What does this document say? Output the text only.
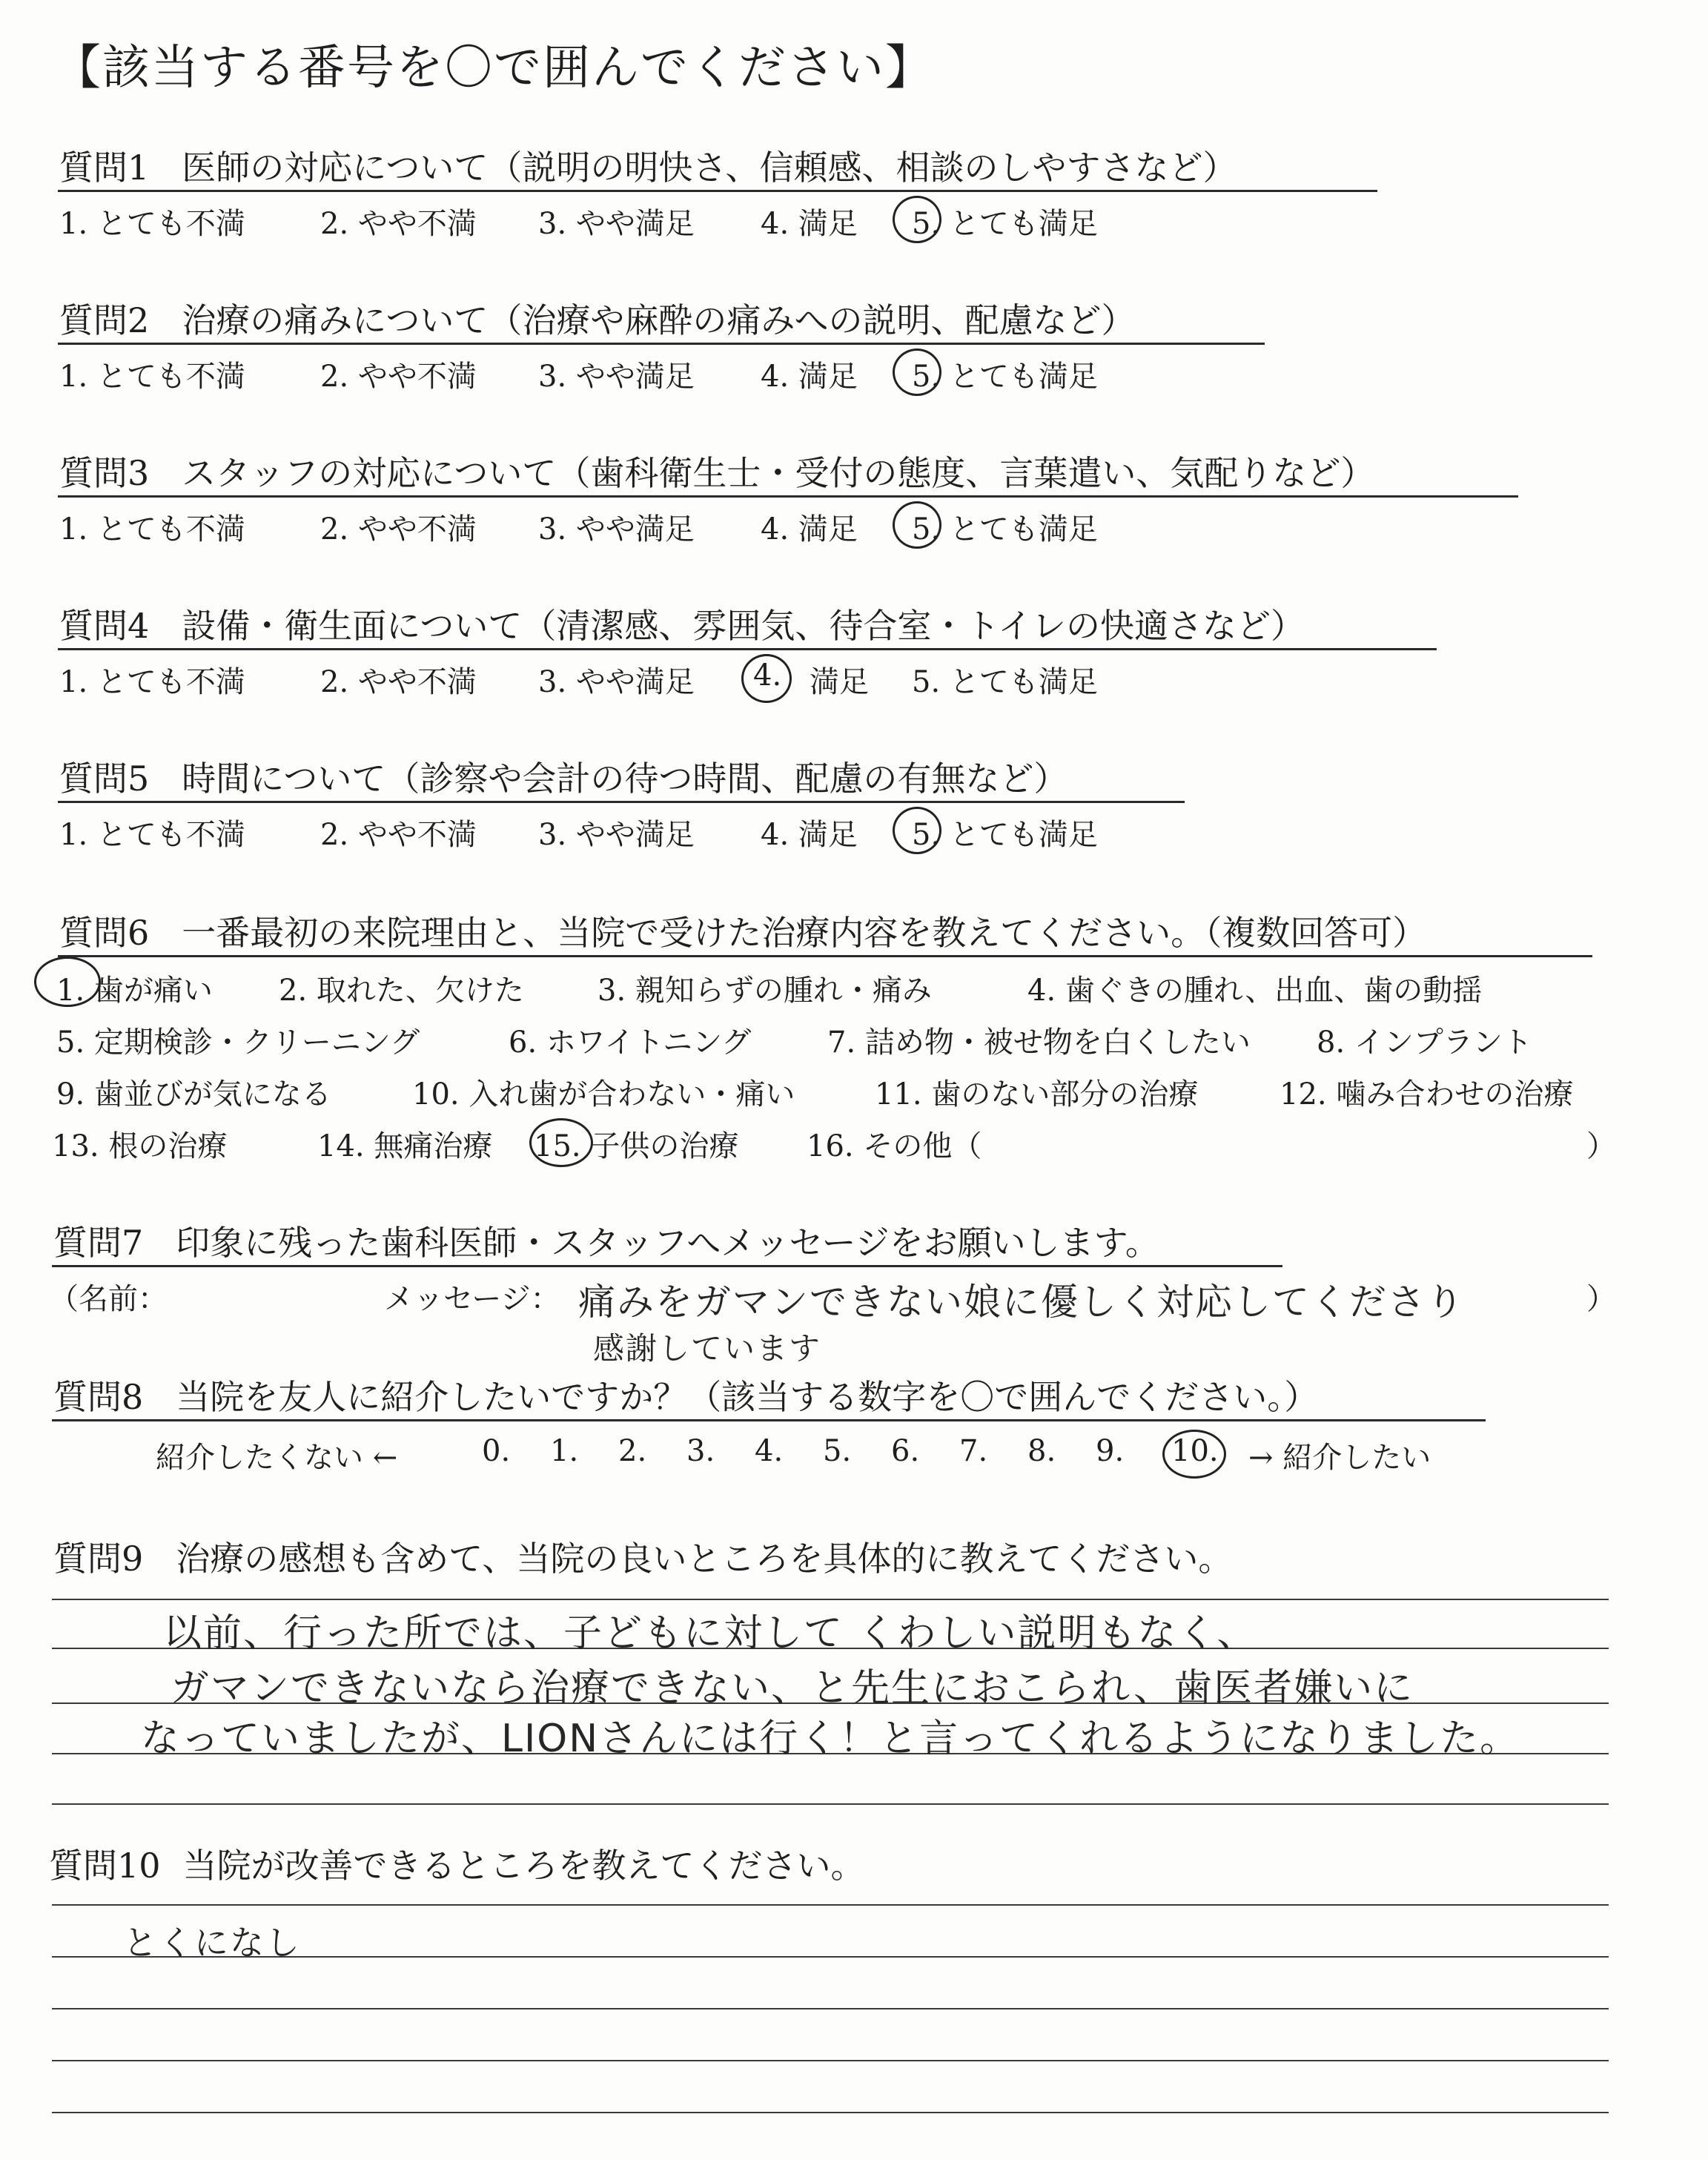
【該当する番号を〇で囲んでください】
質問1 医師の対応について（説明の明快さ、信頼感、相談のしやすさなど）
1. とても不満	2. やや不満 3. やや満足 4. 満足 5. とても満足
質問2 治療の痛みについて（治療や麻酔の痛みへの説明、配慮など）
1. とても不満	2. やや不満 3. やや満足 4. 満足 5. とても満足
質問3 スタッフの対応について（歯科衛生士・受付の態度、言葉遣い、気配りなど）
1. とても不満	2. やや不満 3. やや満足 4. 満足 5. とても満足
質問4 設備・衛生面について（清潔感、雰囲気、待合室・トイレの快適さなど）
1. とても不満	2. やや不満 3. やや満足 4. 満足 5. とても満足
質問5 時間について（診察や会計の待つ時間、配慮の有無など）
1. とても不満	2. やや不満 3. やや満足 4. 満足 5. とても満足
質問6 一番最初の来院理由と、当院で受けた治療内容を教えてください。（複数回答可）
1. 歯が痛い 2. 取れた、欠けた 3. 親知らずの腫れ・痛み	4. 歯ぐきの腫れ、出血、歯の動揺
5. 定期検診・クリーニング	6. ホワイトニング	7. 詰め物・被せ物を白くしたい 8. インプラント
9. 歯並びが気になる	10. 入れ歯が合わない・痛い	11. 歯のない部分の治療	12. 噛み合わせの治療
13. 根の治療	14. 無痛治療 15. 子供の治療 16. その他（	）
質問7 印象に残った歯科医師・スタッフへメッセージをお願いします。
（名前：	メッセージ：	）
痛みをガマンできない娘に優しく対応してくださり
感謝しています
質問8 当院を友人に紹介したいですか？（該当する数字を〇で囲んでください。）
紹介したくない ←	0. 1. 2. 3. 4. 5. 6. 7. 8. 9. 10. → 紹介したい
質問9 治療の感想も含めて、当院の良いところを具体的に教えてください。
以前、行った所では、子どもに対して くわしい説明もなく、
ガマンできないなら治療できない、と先生におこられ、歯医者嫌いに
なっていましたが、LIONさんには行く！と言ってくれるようになりました。
質問10 当院が改善できるところを教えてください。
とくになし
